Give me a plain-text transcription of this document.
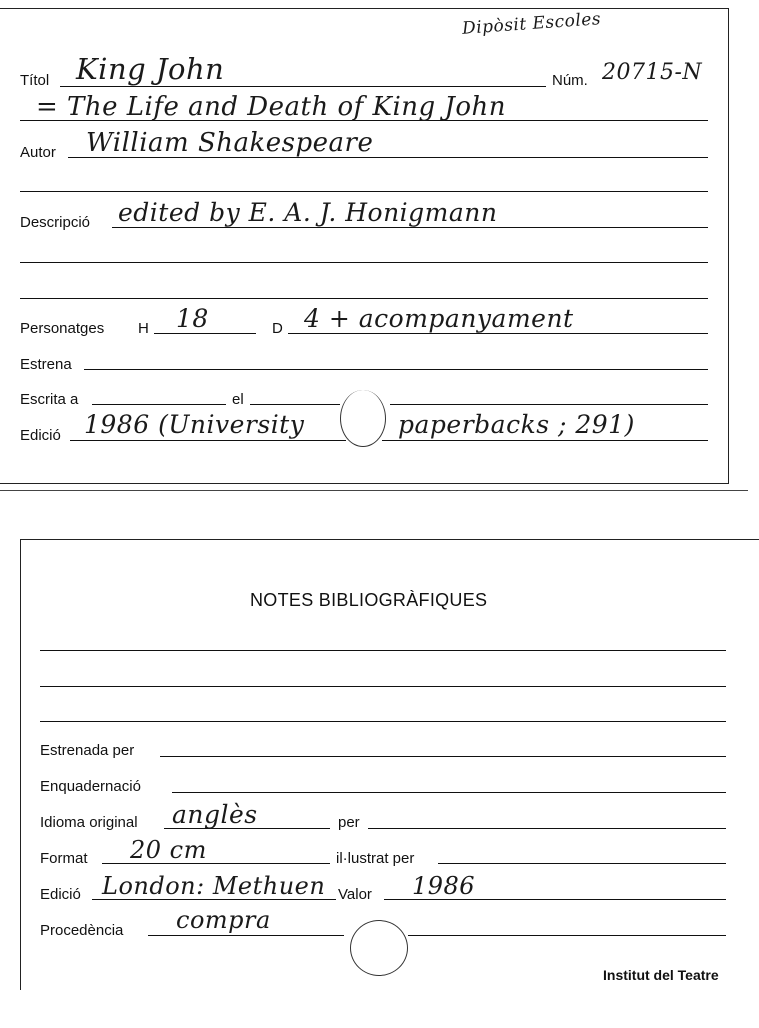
Dipòsit Escoles
Títol King John	Núm. 20715-N
= The Life and Death of King John
Autor William Shakespeare
Descripció edited by E. A. J. Honigmann
Personatges H 18	D 4 + acompanyament
Estrena
Escrita a	el
Edició 1986 (University	paperbacks ; 291)
NOTES BIBLIOGRÀFIQUES
Estrenada per
Enquadernació
Idioma original anglès	per
Format 20 cm	il·lustrat per
Edició London: Methuen Valor 1986
Procedència compra
Institut del Teatre
